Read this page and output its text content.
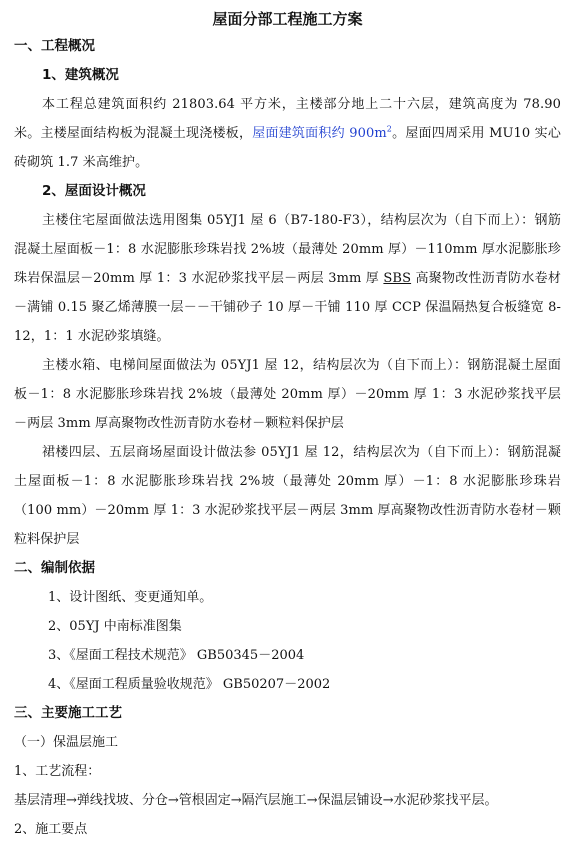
屋面分部工程施工方案
一、工程概况
1、建筑概况

本工程总建筑面积约 21803.64 平方米，主楼部分地上二十六层，建筑高度为 78.90 米。主楼屋面结构板为混凝土现浇楼板，屋面建筑面积约 $900m^2$。屋面四周采用 MU10 实心砖砌筑 1.7 米高维护。

2、屋面设计概况

主楼住宅屋面做法选用图集 05YJ1 屋 6（B7-180-F3），结构层次为（自下而上）：钢筋混凝土屋面板－1：8 水泥膨胀珍珠岩找 2%坡（最薄处 20mm 厚）－110mm 厚水泥膨胀珍珠岩保温层－20mm 厚 1：3 水泥砂浆找平层－两层 3mm 厚 SBS 高聚物改性沥青防水卷材－满铺 0.15 聚乙烯薄膜一层－－干铺砂子 10 厚－干铺 110 厚 CCP 保温隔热复合板缝宽 8-12，1：1 水泥砂浆填缝。

主楼水箱、电梯间屋面做法为 05YJ1 屋 12，结构层次为（自下而上）：钢筋混凝土屋面板－1：8 水泥膨胀珍珠岩找 2%坡（最薄处 20mm 厚）－20mm 厚 1：3 水泥砂浆找平层－两层 3mm 厚高聚物改性沥青防水卷材－颗粒料保护层

裙楼四层、五层商场屋面设计做法参 05YJ1 屋 12，结构层次为（自下而上）：钢筋混凝土屋面板－1：8 水泥膨胀珍珠岩找 2%坡（最薄处 20mm 厚）－1：8 水泥膨胀珍珠岩（100 mm）－20mm 厚 1：3 水泥砂浆找平层－两层 3mm 厚高聚物改性沥青防水卷材－颗粒料保护层

二、编制依据
1、设计图纸、变更通知单。
2、05YJ 中南标准图集
3、《屋面工程技术规范》 GB50345－2004
4、《屋面工程质量验收规范》 GB50207－2002
三、主要施工工艺
（一）保温层施工
1、工艺流程：
基层清理→弹线找坡、分仓→管根固定→隔汽层施工→保温层铺设→水泥砂浆找平层。
2、施工要点
